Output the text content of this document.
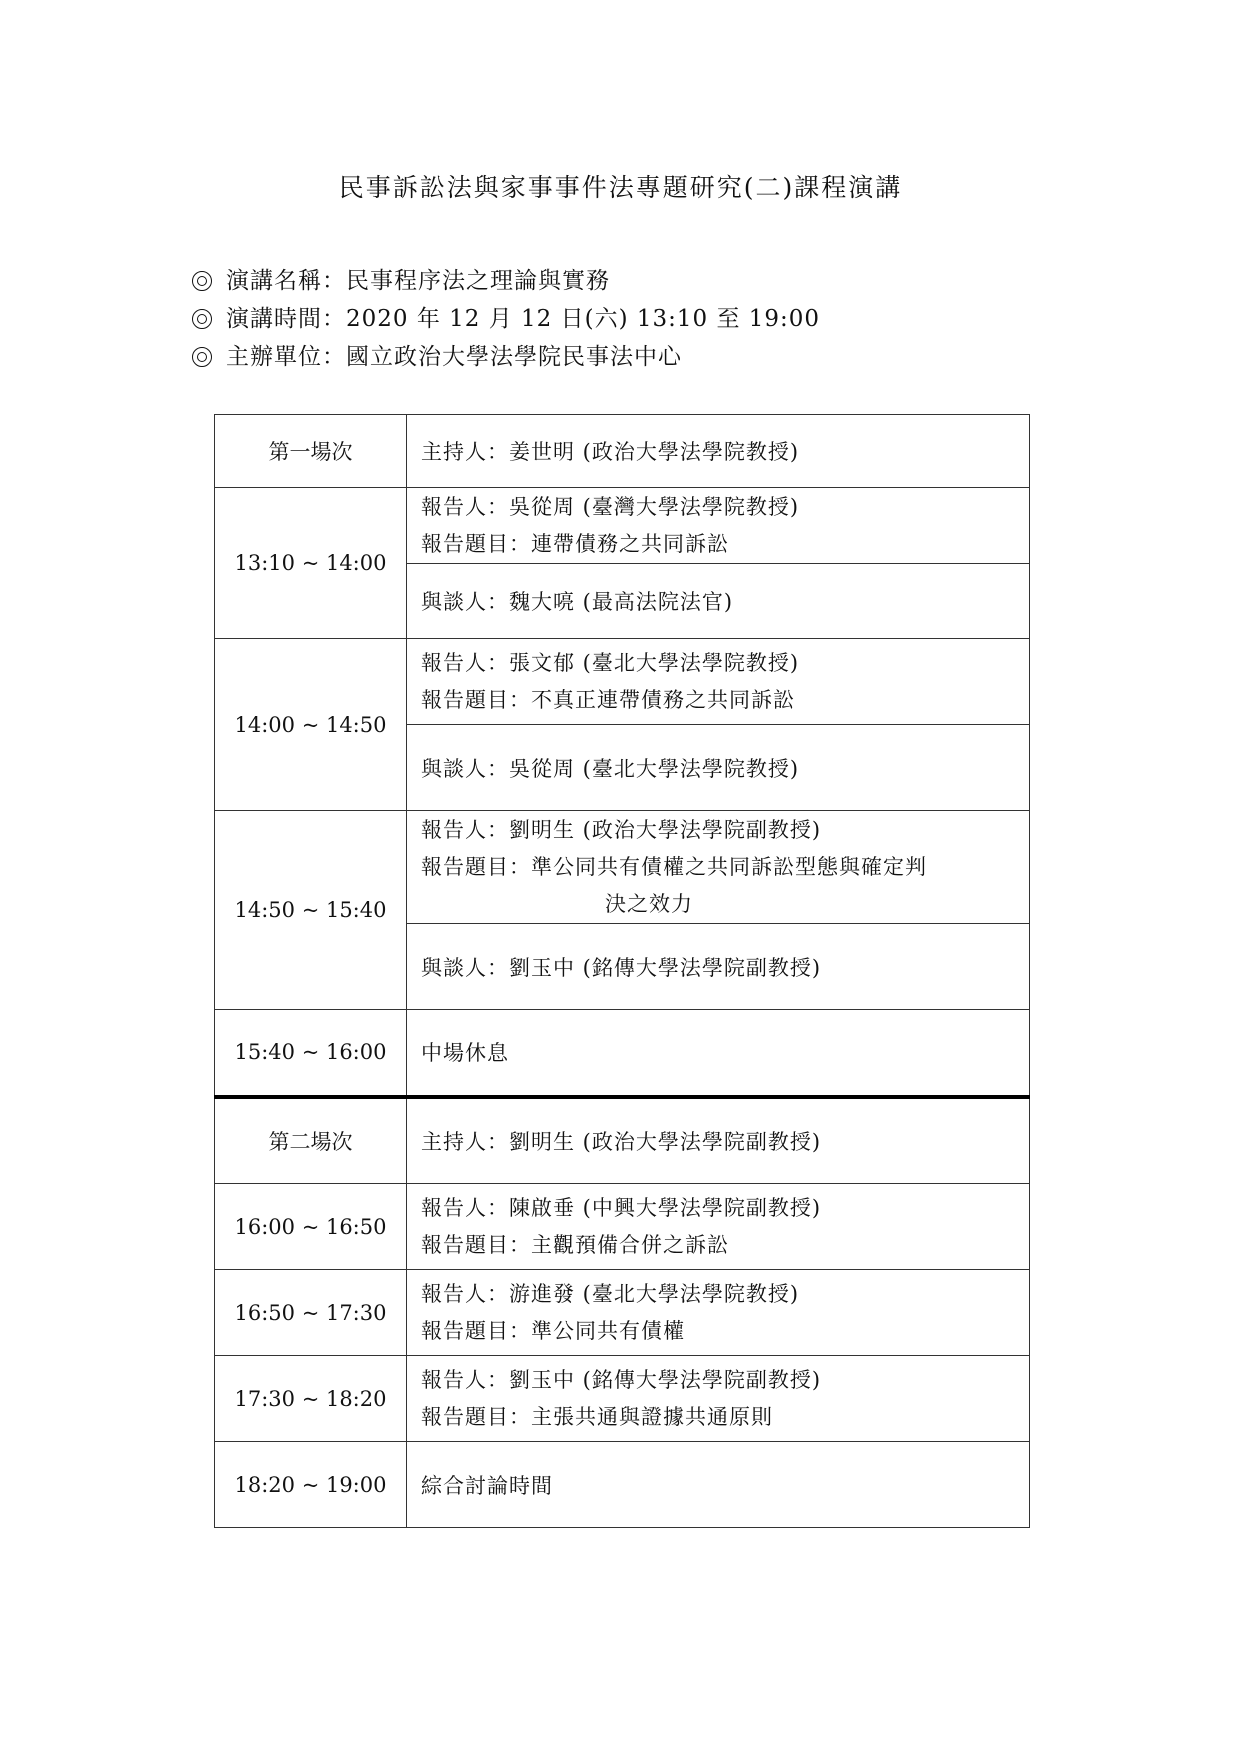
民事訴訟法與家事事件法專題研究(二)課程演講
演講名稱： 民事程序法之理論與實務
演講時間： 2020 年 12 月 12 日(六) 13:10 至 19:00
主辦單位： 國立政治大學法學院民事法中心
第一場次	主持人：姜世明 (政治大學法學院教授)
13:10 ~ 14:00	報告人：吳從周 (臺灣大學法學院教授)
報告題目：連帶債務之共同訴訟

	與談人：魏大喨 (最高法院法官)
14:00 ~ 14:50	報告人：張文郁 (臺北大學法學院教授)
報告題目：不真正連帶債務之共同訴訟

	與談人：吳從周 (臺北大學法學院教授)
14:50 ~ 15:40	報告人：劉明生 (政治大學法學院副教授)
報告題目：準公同共有債權之共同訴訟型態與確定判
決之效力

	與談人：劉玉中 (銘傳大學法學院副教授)
15:40 ~ 16:00	中場休息
第二場次	主持人：劉明生 (政治大學法學院副教授)
16:00 ~ 16:50	報告人：陳啟垂 (中興大學法學院副教授)
報告題目：主觀預備合併之訴訟

16:50 ~ 17:30	報告人：游進發 (臺北大學法學院教授)
報告題目：準公同共有債權

17:30 ~ 18:20	報告人：劉玉中 (銘傳大學法學院副教授)
報告題目：主張共通與證據共通原則

18:20 ~ 19:00	綜合討論時間
